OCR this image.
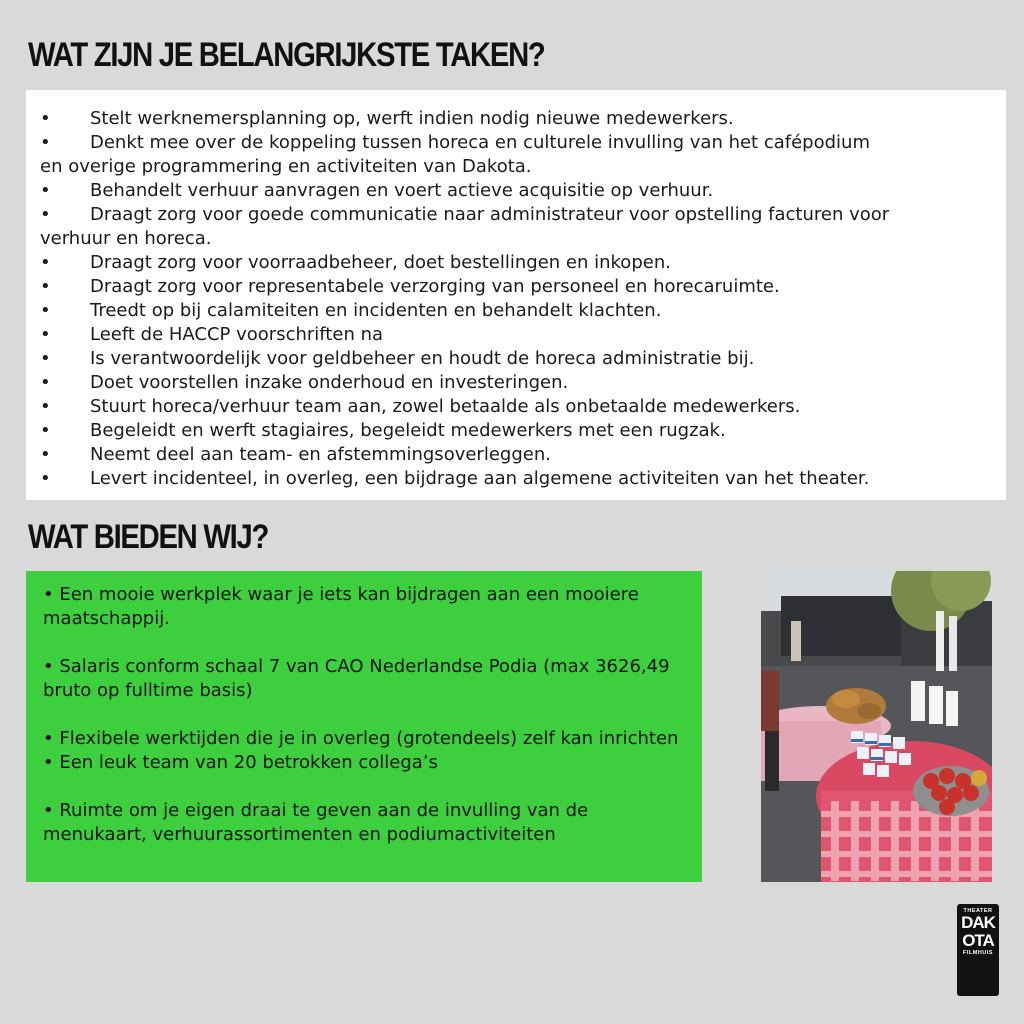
WAT ZIJN JE BELANGRIJKSTE TAKEN?
• Stelt werknemersplanning op, werft indien nodig nieuwe medewerkers.
• Denkt mee over de koppeling tussen horeca en culturele invulling van het cafépodium
en overige programmering en activiteiten van Dakota.
• Behandelt verhuur aanvragen en voert actieve acquisitie op verhuur.
• Draagt zorg voor goede communicatie naar administrateur voor opstelling facturen voor
verhuur en horeca.
• Draagt zorg voor voorraadbeheer, doet bestellingen en inkopen.
• Draagt zorg voor representabele verzorging van personeel en horecaruimte.
• Treedt op bij calamiteiten en incidenten en behandelt klachten.
• Leeft de HACCP voorschriften na
• Is verantwoordelijk voor geldbeheer en houdt de horeca administratie bij.
• Doet voorstellen inzake onderhoud en investeringen.
• Stuurt horeca/verhuur team aan, zowel betaalde als onbetaalde medewerkers.
• Begeleidt en werft stagiaires, begeleidt medewerkers met een rugzak.
• Neemt deel aan team- en afstemmingsoverleggen.
• Levert incidenteel, in overleg, een bijdrage aan algemene activiteiten van het theater.
WAT BIEDEN WIJ?

• Een mooie werkplek waar je iets kan bijdragen aan een mooiere maatschappij.

• Salaris conform schaal 7 van CAO Nederlandse Podia (max 3626,49 bruto op fulltime basis)

• Flexibele werktijden die je in overleg (grotendeels) zelf kan inrichten

• Een leuk team van 20 betrokken collega’s

• Ruimte om je eigen draai te geven aan de invulling van de menukaart, verhuurassortimenten en podiumactiviteiten

THEATER
DAK
OTA
FILMHUIS
